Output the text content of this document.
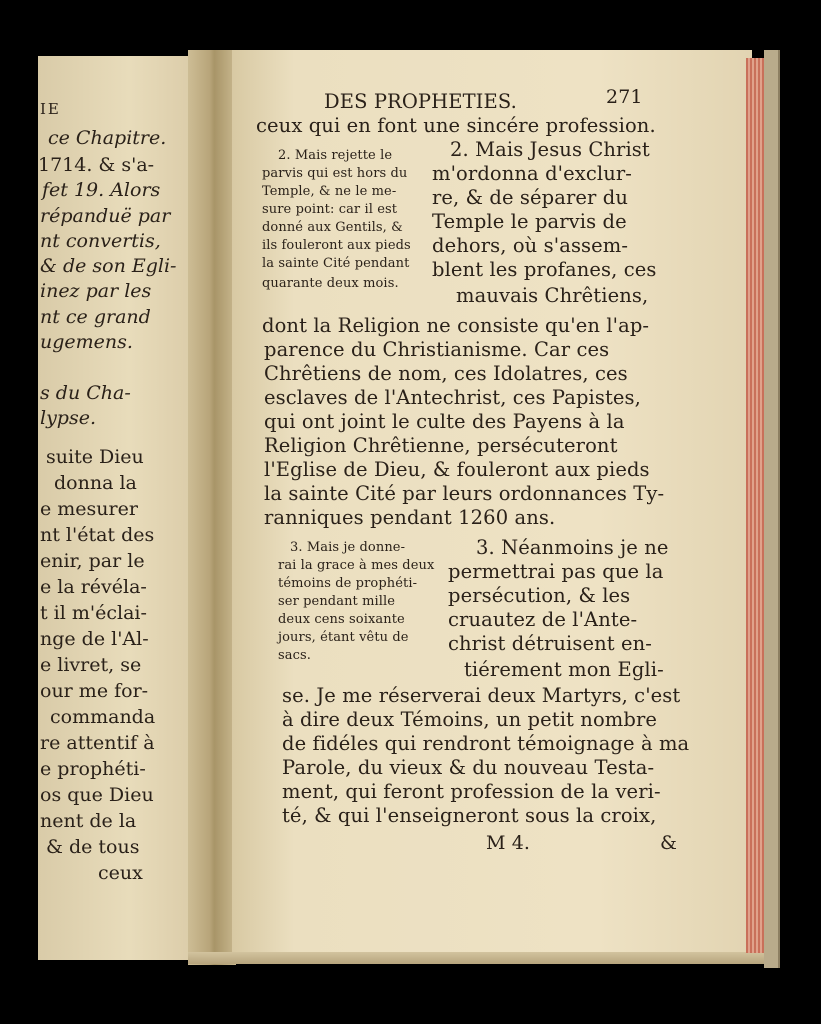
IE
ce Chapitre.
1714. & s'a-
fet 19. Alors
répanduë par
nt convertis,
& de son Egli-
inez par les
nt ce grand
ugemens.
s du Cha-
lypse.
suite Dieu
donna la
e mesurer
nt l'état des
enir, par le
e la révéla-
t il m'éclai-
nge de l'Al-
e livret, se
our me for-
commanda
re attentif à
e prophéti-
os que Dieu
nent de la
& de tous
ceux
DES PROPHETIES.	271
ceux qui en font une sincére profession.
2. Mais rejette le
parvis qui est hors du
Temple, & ne le me-
sure point: car il est
donné aux Gentils, &
ils fouleront aux pieds
la sainte Cité pendant
quarante deux mois.
2. Mais Jesus Christ
m'ordonna d'exclur-
re, & de séparer du
Temple le parvis de
dehors, où s'assem-
blent les profanes, ces
mauvais Chrêtiens,
dont la Religion ne consiste qu'en l'ap-
parence du Christianisme. Car ces
Chrêtiens de nom, ces Idolatres, ces
esclaves de l'Antechrist, ces Papistes,
qui ont joint le culte des Payens à la
Religion Chrêtienne, persécuteront
l'Eglise de Dieu, & fouleront aux pieds
la sainte Cité par leurs ordonnances Ty-
ranniques pendant 1260 ans.
3. Mais je donne-
rai la grace à mes deux
témoins de prophéti-
ser pendant mille
deux cens soixante
jours, étant vêtu de
sacs.
3. Néanmoins je ne
permettrai pas que la
persécution, & les
cruautez de l'Ante-
christ détruisent en-
tiérement mon Egli-
se. Je me réserverai deux Martyrs, c'est
à dire deux Témoins, un petit nombre
de fidéles qui rendront témoignage à ma
Parole, du vieux & du nouveau Testa-
ment, qui feront profession de la veri-
té, & qui l'enseigneront sous la croix,
M 4.	&
